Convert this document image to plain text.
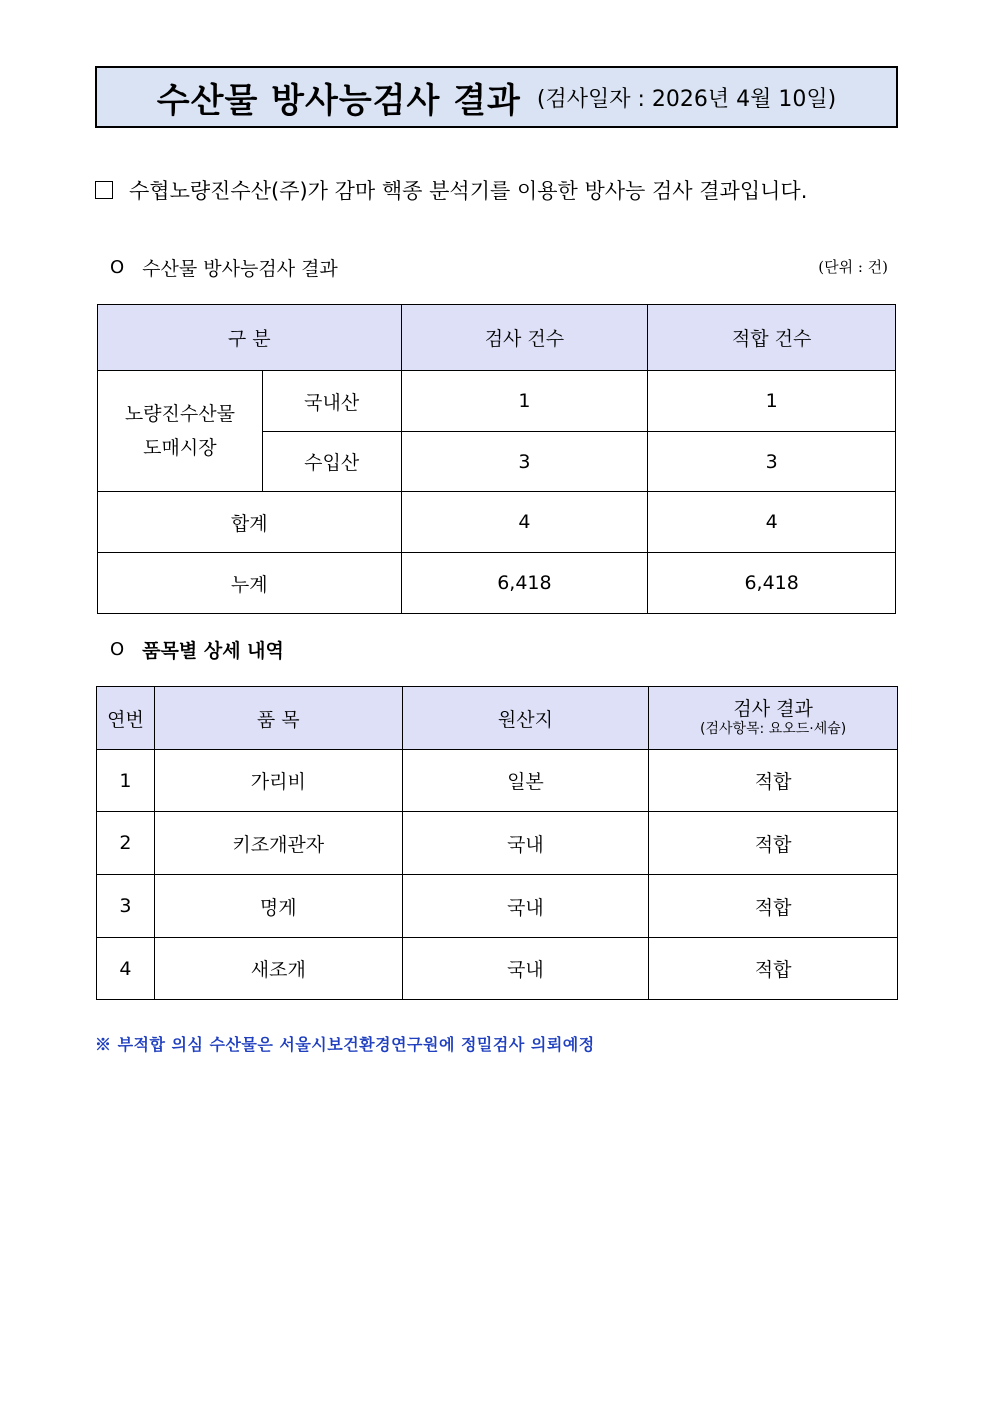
수산물 방사능검사 결과 (검사일자 : 2026년 4월 10일)
수협노량진수산(주)가 감마 핵종 분석기를 이용한 방사능 검사 결과입니다.
O 수산물 방사능검사 결과	(단위 : 건)
구 분		검사 건수	적합 건수
노량진수산물
도매시장	국내산	1	1
	수입산	3	3
합계		4	4
누계		6,418	6,418
O 품목별 상세 내역
연번	품 목	원산지	검사 결과
(검사항목: 요오드·세슘)

1	가리비	일본	적합
2	키조개관자	국내	적합
3	명게	국내	적합
4	새조개	국내	적합
※ 부적합 의심 수산물은 서울시보건환경연구원에 정밀검사 의뢰예정
